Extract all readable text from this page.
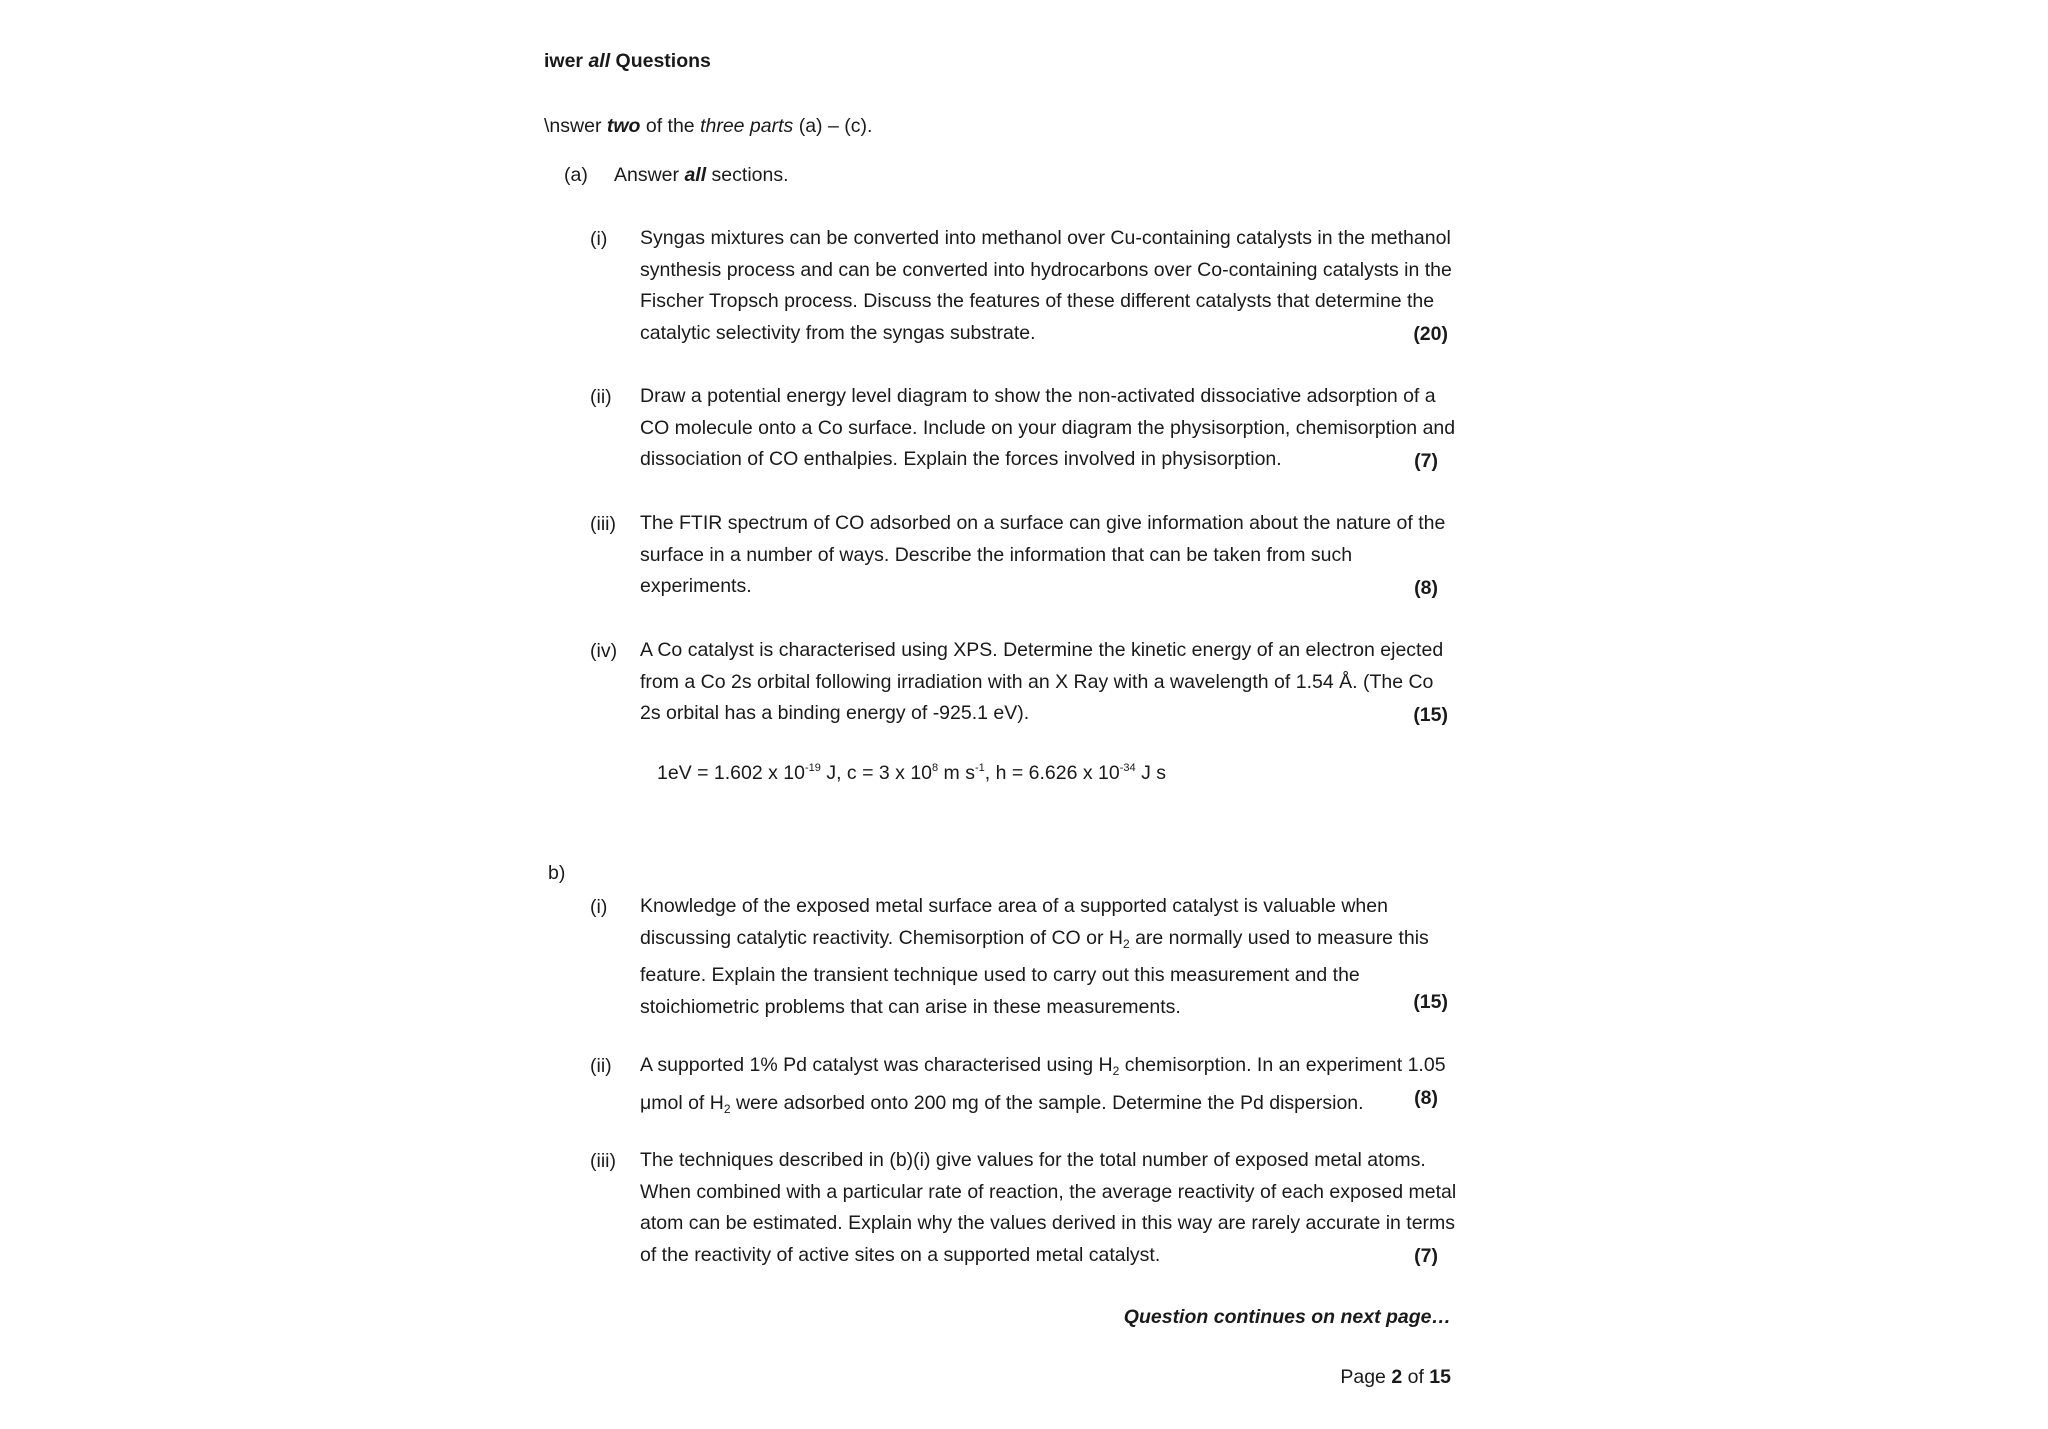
іwer all Questions
\nswer two of the three parts (a) – (c).
(a) Answer all sections.
(i) Syngas mixtures can be converted into methanol over Cu-containing catalysts in the methanol
synthesis process and can be converted into hydrocarbons over Co-containing catalysts in the
Fischer Tropsch process. Discuss the features of these different catalysts that determine the
catalytic selectivity from the syngas substrate.	(20)
(ii) Draw a potential energy level diagram to show the non-activated dissociative adsorption of a
CO molecule onto a Co surface. Include on your diagram the physisorption, chemisorption and
dissociation of CO enthalpies. Explain the forces involved in physisorption.	(7)
(iii) The FTIR spectrum of CO adsorbed on a surface can give information about the nature of the
surface in a number of ways. Describe the information that can be taken from such
experiments.	(8)
(iv) A Co catalyst is characterised using XPS. Determine the kinetic energy of an electron ejected
from a Co 2s orbital following irradiation with an X Ray with a wavelength of 1.54 Å. (The Co
2s orbital has a binding energy of -925.1 eV).	(15)
1eV = 1.602 x $10^{-19}$ J, c = 3 x $10^8$ m $s^{-1}$, h = 6.626 x $10^{-34}$ J s
b)
(i) Knowledge of the exposed metal surface area of a supported catalyst is valuable when
discussing catalytic reactivity. Chemisorption of CO or $H_2$ are normally used to measure this
feature. Explain the transient technique used to carry out this measurement and the
stoichiometric problems that can arise in these measurements.	(15)
(ii) A supported 1% Pd catalyst was characterised using $H_2$ chemisorption. In an experiment 1.05
μmol of $H_2$ were adsorbed onto 200 mg of the sample. Determine the Pd dispersion.	(8)
(iii) The techniques described in (b)(i) give values for the total number of exposed metal atoms.
When combined with a particular rate of reaction, the average reactivity of each exposed metal
atom can be estimated. Explain why the values derived in this way are rarely accurate in terms
of the reactivity of active sites on a supported metal catalyst.	(7)
Question continues on next page…
Page 2 of 15
